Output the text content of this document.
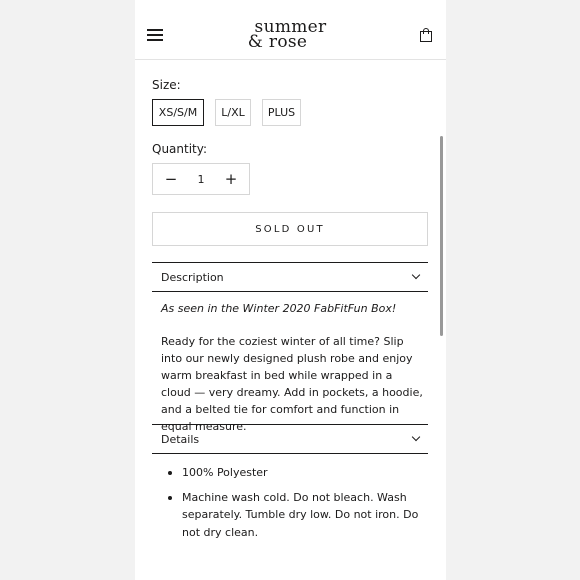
summer
& rose
Size:
XS/S/M	L/XL	PLUS
Quantity:
−	1	+
SOLD OUT
Description
As seen in the Winter 2020 FabFitFun Box!
Ready for the coziest winter of all time? Slip into our newly designed plush robe and enjoy warm breakfast in bed while wrapped in a cloud — very dreamy. Add in pockets, a hoodie, and a belted tie for comfort and function in equal measure.
Details
100% Polyester
Machine wash cold. Do not bleach. Wash separately. Tumble dry low. Do not iron. Do not dry clean.
